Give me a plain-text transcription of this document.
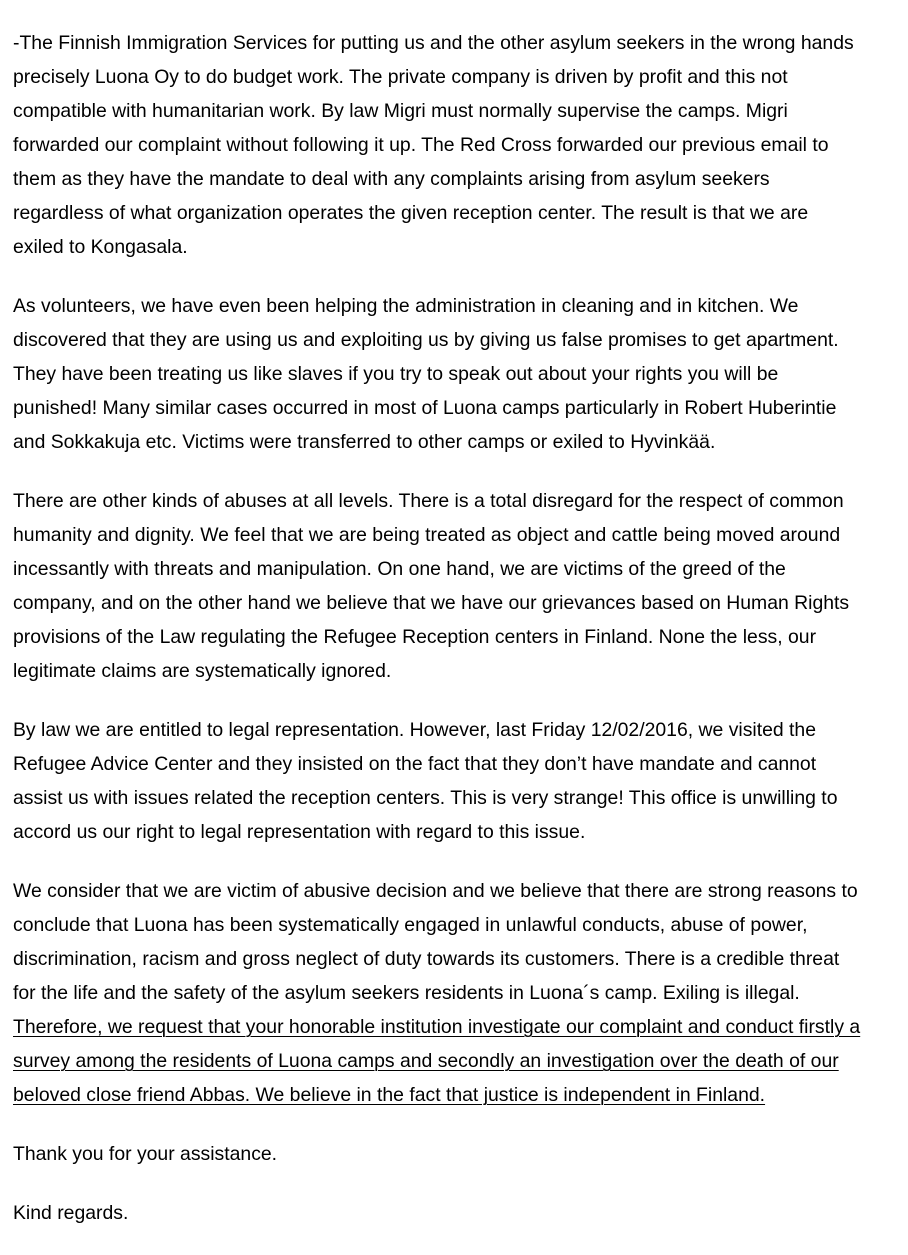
-The Finnish Immigration Services for putting us and the other asylum seekers in the wrong hands
precisely Luona Oy to do budget work. The private company is driven by profit and this not
compatible with humanitarian work. By law Migri must normally supervise the camps. Migri
forwarded our complaint without following it up. The Red Cross forwarded our previous email to
them as they have the mandate to deal with any complaints arising from asylum seekers
regardless of what organization operates the given reception center. The result is that we are
exiled to Kongasala.

As volunteers, we have even been helping the administration in cleaning and in kitchen. We
discovered that they are using us and exploiting us by giving us false promises to get apartment.
They have been treating us like slaves if you try to speak out about your rights you will be
punished! Many similar cases occurred in most of Luona camps particularly in Robert Huberintie
and Sokkakuja etc. Victims were transferred to other camps or exiled to Hyvinkää.

There are other kinds of abuses at all levels. There is a total disregard for the respect of common
humanity and dignity. We feel that we are being treated as object and cattle being moved around
incessantly with threats and manipulation. On one hand, we are victims of the greed of the
company, and on the other hand we believe that we have our grievances based on Human Rights
provisions of the Law regulating the Refugee Reception centers in Finland. None the less, our
legitimate claims are systematically ignored.

By law we are entitled to legal representation. However, last Friday 12/02/2016, we visited the
Refugee Advice Center and they insisted on the fact that they don’t have mandate and cannot
assist us with issues related the reception centers. This is very strange! This office is unwilling to
accord us our right to legal representation with regard to this issue.

We consider that we are victim of abusive decision and we believe that there are strong reasons to
conclude that Luona has been systematically engaged in unlawful conducts, abuse of power,
discrimination, racism and gross neglect of duty towards its customers. There is a credible threat
for the life and the safety of the asylum seekers residents in Luona´s camp. Exiling is illegal.
Therefore, we request that your honorable institution investigate our complaint and conduct firstly a
survey among the residents of Luona camps and secondly an investigation over the death of our
beloved close friend Abbas. We believe in the fact that justice is independent in Finland.

Thank you for your assistance.

Kind regards.
